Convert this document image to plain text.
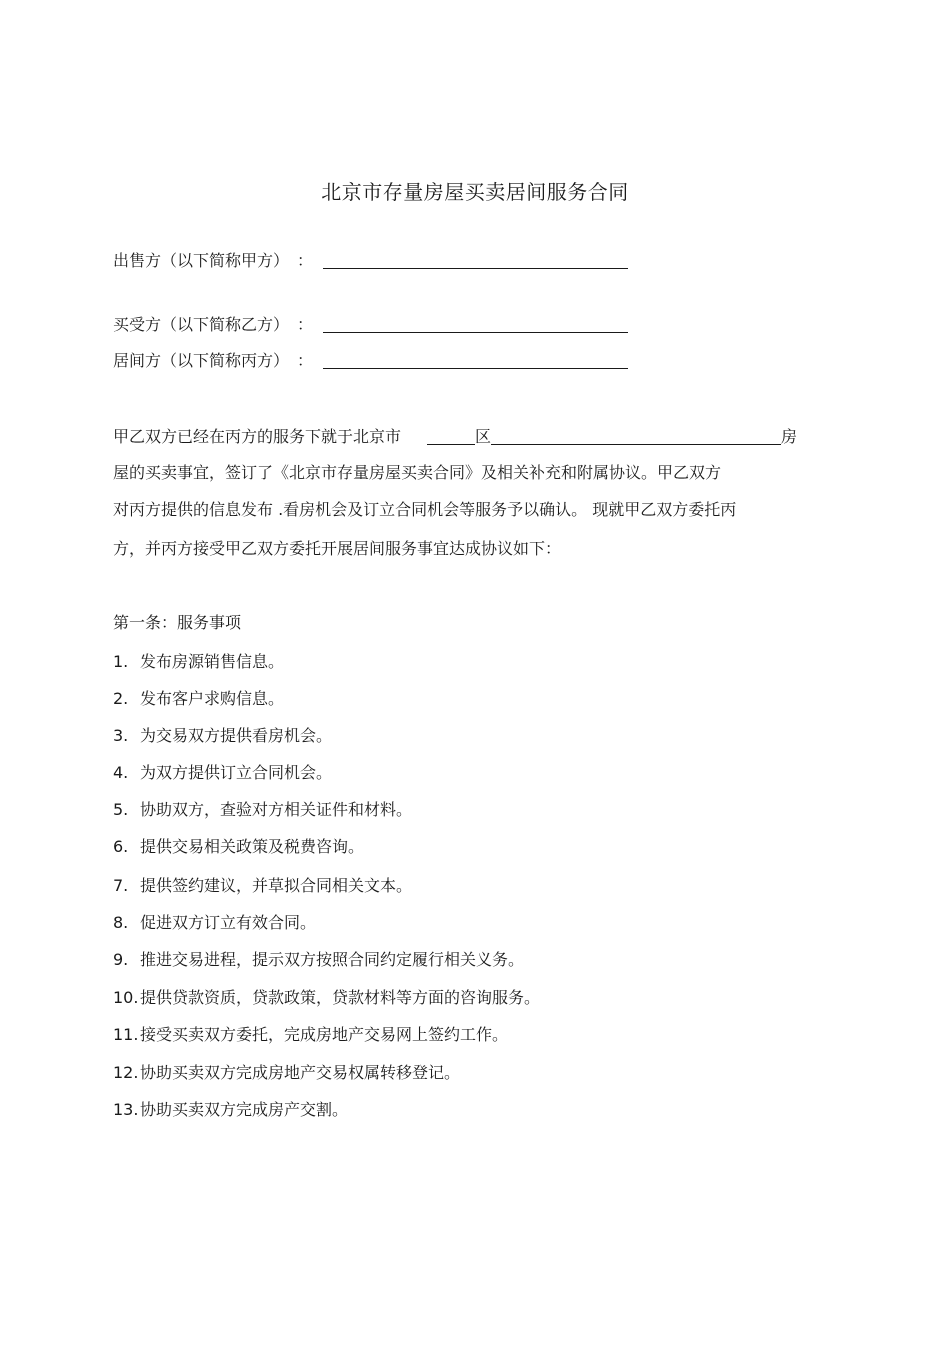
北京市存量房屋买卖居间服务合同
出售方（以下简称甲方） ：
买受方（以下简称乙方） ：
居间方（以下简称丙方） ：
甲乙双方已经在丙方的服务下就于北京市	区	房
屋的买卖事宜，签订了《北京市存量房屋买卖合同》及相关补充和附属协议。甲乙双方
对丙方提供的信息发布 .看房机会及订立合同机会等服务予以确认。 现就甲乙双方委托丙
方，并丙方接受甲乙双方委托开展居间服务事宜达成协议如下：
第一条：服务事项
1. 发布房源销售信息。
2. 发布客户求购信息。
3. 为交易双方提供看房机会。
4. 为双方提供订立合同机会。
5. 协助双方，查验对方相关证件和材料。
6. 提供交易相关政策及税费咨询。
7. 提供签约建议，并草拟合同相关文本。
8. 促进双方订立有效合同。
9. 推进交易进程，提示双方按照合同约定履行相关义务。
10.提供贷款资质，贷款政策，贷款材料等方面的咨询服务。
11.接受买卖双方委托，完成房地产交易网上签约工作。
12.协助买卖双方完成房地产交易权属转移登记。
13.协助买卖双方完成房产交割。
